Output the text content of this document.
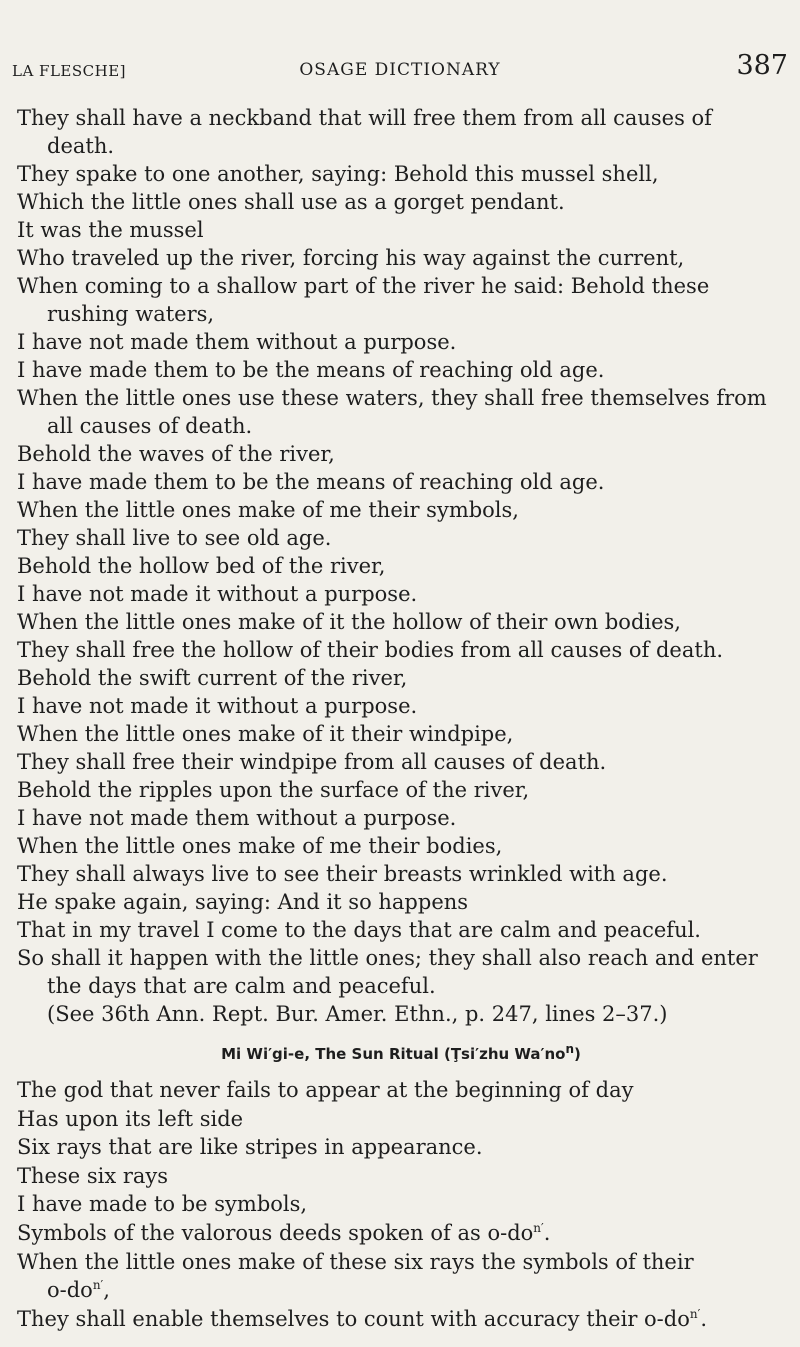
LA FLESCHE]	OSAGE DICTIONARY	387
They shall have a neckband that will free them from all causes of
death.
They spake to one another, saying: Behold this mussel shell,
Which the little ones shall use as a gorget pendant.
It was the mussel
Who traveled up the river, forcing his way against the current,
When coming to a shallow part of the river he said: Behold these
rushing waters,
I have not made them without a purpose.
I have made them to be the means of reaching old age.
When the little ones use these waters, they shall free themselves from
all causes of death.
Behold the waves of the river,
I have made them to be the means of reaching old age.
When the little ones make of me their symbols,
They shall live to see old age.
Behold the hollow bed of the river,
I have not made it without a purpose.
When the little ones make of it the hollow of their own bodies,
They shall free the hollow of their bodies from all causes of death.
Behold the swift current of the river,
I have not made it without a purpose.
When the little ones make of it their windpipe,
They shall free their windpipe from all causes of death.
Behold the ripples upon the surface of the river,
I have not made them without a purpose.
When the little ones make of me their bodies,
They shall always live to see their breasts wrinkled with age.
He spake again, saying: And it so happens
That in my travel I come to the days that are calm and peaceful.
So shall it happen with the little ones; they shall also reach and enter
the days that are calm and peaceful.
(See 36th Ann. Rept. Bur. Amer. Ethn., p. 247, lines 2–37.)
Mi Wi′gi-e, The Sun Ritual (Ţsi′zhu $Wa'no^n$)
The god that never fails to appear at the beginning of day
Has upon its left side
Six rays that are like stripes in appearance.
These six rays
I have made to be symbols,
Symbols of the valorous deeds spoken of as $o-do^{n'}$.
When the little ones make of these six rays the symbols of their
$o-do^{n'}$,
They shall enable themselves to count with accuracy their $o-do^{n'}$.
